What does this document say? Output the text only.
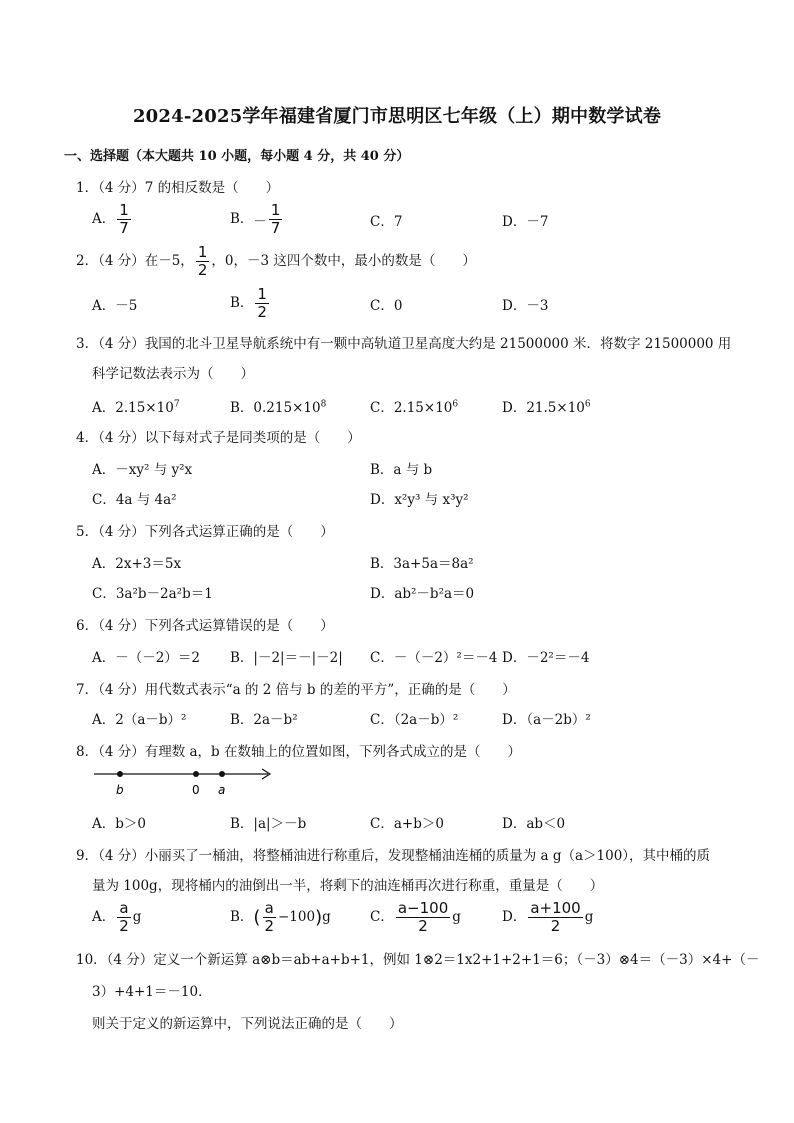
2024-2025学年福建省厦门市思明区七年级（上）期中数学试卷
一、选择题（本大题共 10 小题，每小题 4 分，共 40 分）
1．（4 分）7 的相反数是（　　）
A． $\frac{1}{7}$	B． － $\frac{1}{7}$	C．7	D．－7
2．（4 分）在－5， $\frac{1}{2}$ ，0，－3 这四个数中，最小的数是（　　）
A．－5	B． $\frac{1}{2}$	C．0	D．－3
3．（4 分）我国的北斗卫星导航系统中有一颗中高轨道卫星高度大约是 21500000 米．将数字 21500000 用
科学记数法表示为（　　）
A．$2.15\times 10^7$	B．$0.215\times 10^8$	C．$2.15\times 10^6$	D．$21.5\times 10^6$
4．（4 分）以下每对式子是同类项的是（　　）
A．－xy² 与 y²x	B．a 与 b
C．4a 与 4a²	D．x²y³ 与 x³y²
5．（4 分）下列各式运算正确的是（　　）
A．2x+3＝5x	B．3a+5a＝8a²
C．3a²b－2a²b＝1	D．ab²－b²a＝0
6．（4 分）下列各式运算错误的是（　　）
A．－（－2）＝2 B．|－2|＝－|－2| C．－（－2）²＝－4 D．－2²＝－4
7．（4 分）用代数式表示“a 的 2 倍与 b 的差的平方”，正确的是（　　）
A．2（a－b）²	B．2a－b²	C．（2a－b）²	D．（a－2b）²
8．（4 分）有理数 a，b 在数轴上的位置如图，下列各式成立的是（　　）
b	0 a
A．b＞0	B．|a|＞－b	C．a+b＞0	D．ab＜0
9．（4 分）小丽买了一桶油，将整桶油进行称重后，发现整桶油连桶的质量为 a g（a＞100），其中桶的质
量为 100g，现将桶内的油倒出一半，将剩下的油连桶再次进行称重，重量是（　　）
A． $\frac{a}{2}$ g	B．( $\frac{a}{2} -100)g$	C． $\frac{a-100}{2}$ g	D． $\frac{a+100}{2}$ g
10．（4 分）定义一个新运算 a⊗b＝ab+a+b+1，例如 1⊗2＝1x2+1+2+1＝6；（－3）⊗4＝（－3）×4+（－
3）+4+1＝－10．
则关于定义的新运算中，下列说法正确的是（　　）
